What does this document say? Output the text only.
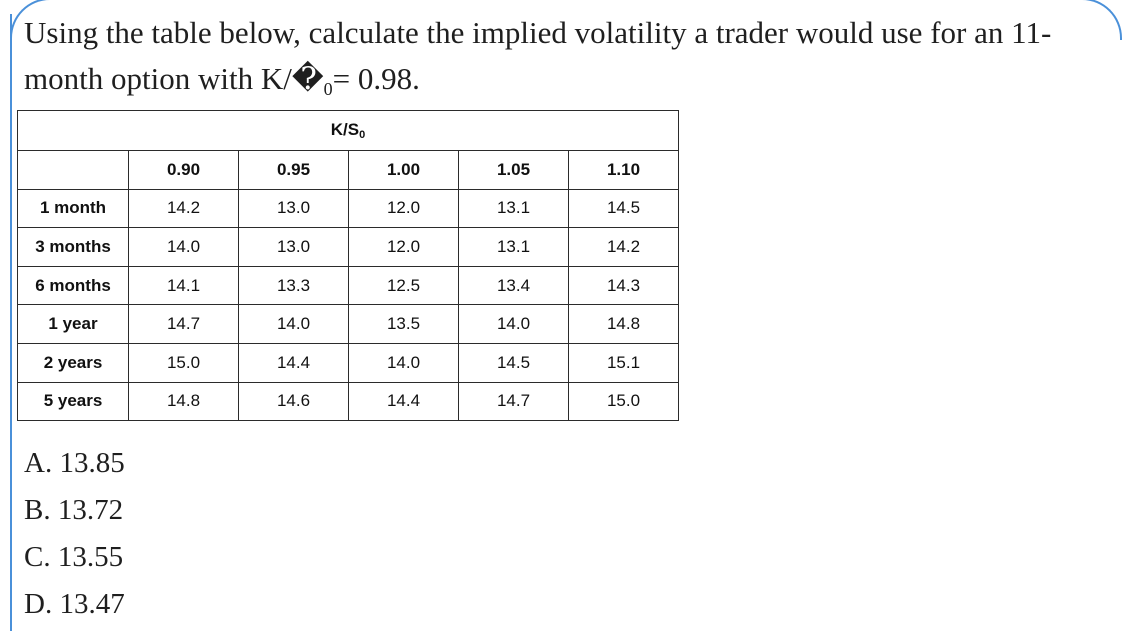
Using the table below, calculate the implied volatility a trader would use for an 11-
month option with $K/�_0= 0.98$.
$K/S_0$
	0.90	0.95	1.00	1.05	1.10
1 month	14.2	13.0	12.0	13.1	14.5
3 months	14.0	13.0	12.0	13.1	14.2
6 months	14.1	13.3	12.5	13.4	14.3
1 year	14.7	14.0	13.5	14.0	14.8
2 years	15.0	14.4	14.0	14.5	15.1
5 years	14.8	14.6	14.4	14.7	15.0
A. 13.85
B. 13.72
C. 13.55
D. 13.47
